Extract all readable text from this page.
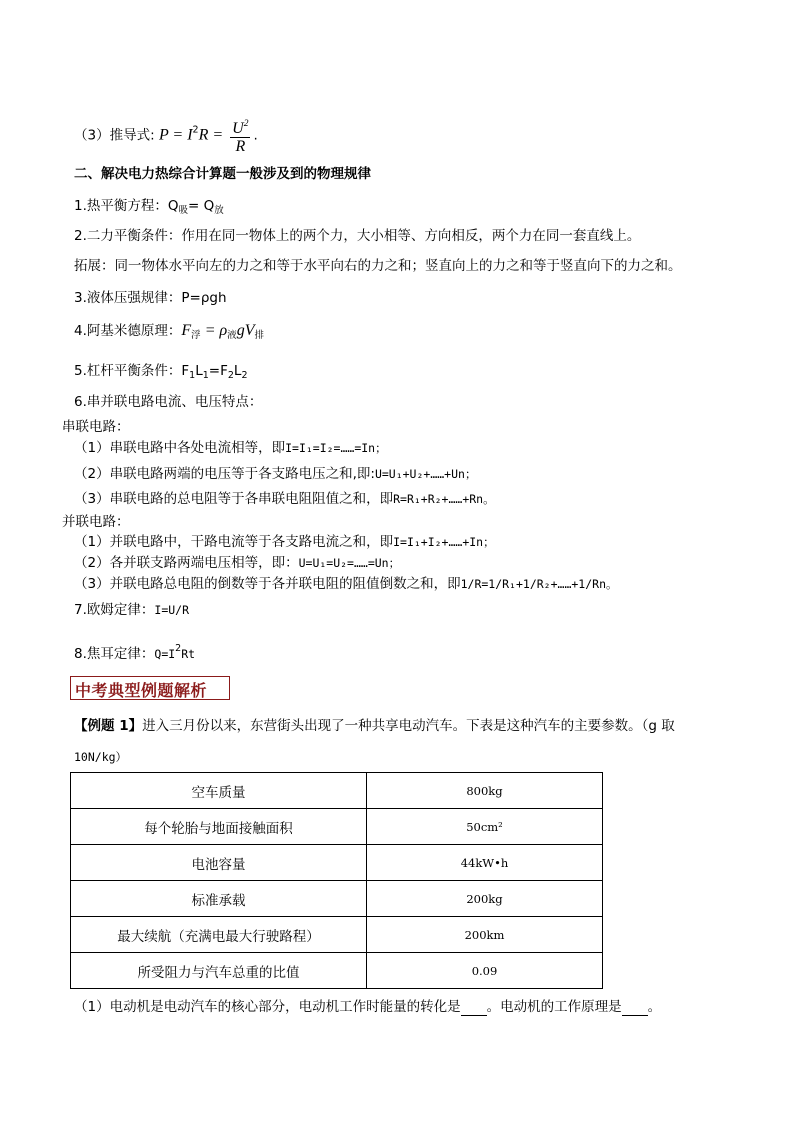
（3）推导式: $P = I^2R = \frac{U^2}{R}$ .
二、解决电力热综合计算题一般涉及到的物理规律
1.热平衡方程：$Q_吸= Q_放$
2.二力平衡条件：作用在同一物体上的两个力，大小相等、方向相反，两个力在同一套直线上。
拓展：同一物体水平向左的力之和等于水平向右的力之和；竖直向上的力之和等于竖直向下的力之和。
3.液体压强规律：P=ρgh
4.阿基米德原理：$F_浮 = \rho_液gV_排$
5.杠杆平衡条件：$F_1L_1=F_2L_2$
6.串并联电路电流、电压特点：
串联电路：
（1）串联电路中各处电流相等，即I=I₁=I₂=……=In；
（2）串联电路两端的电压等于各支路电压之和,即:U=U₁+U₂+……+Un；
（3）串联电路的总电阻等于各串联电阻阻值之和，即R=R₁+R₂+……+Rn。
并联电路：
（1）并联电路中，干路电流等于各支路电流之和，即I=I₁+I₂+……+In；
（2）各并联支路两端电压相等，即：U=U₁=U₂=……=Un；
（3）并联电路总电阻的倒数等于各并联电阻的阻值倒数之和，即1/R=1/R₁+1/R₂+……+1/Rn。
7.欧姆定律：I=U/R
8.焦耳定律：$Q=I^2Rt$
中考典型例题解析
【例题 1】进入三月份以来，东营街头出现了一种共享电动汽车。下表是这种汽车的主要参数。（g 取
10N/kg）
空车质量	800kg
每个轮胎与地面接触面积	50cm²
电池容量	44kW•h
标准承载	200kg
最大续航（充满电最大行驶路程）	200km
所受阻力与汽车总重的比值	0.09
（1）电动机是电动汽车的核心部分，电动机工作时能量的转化是 。电动机的工作原理是 。
